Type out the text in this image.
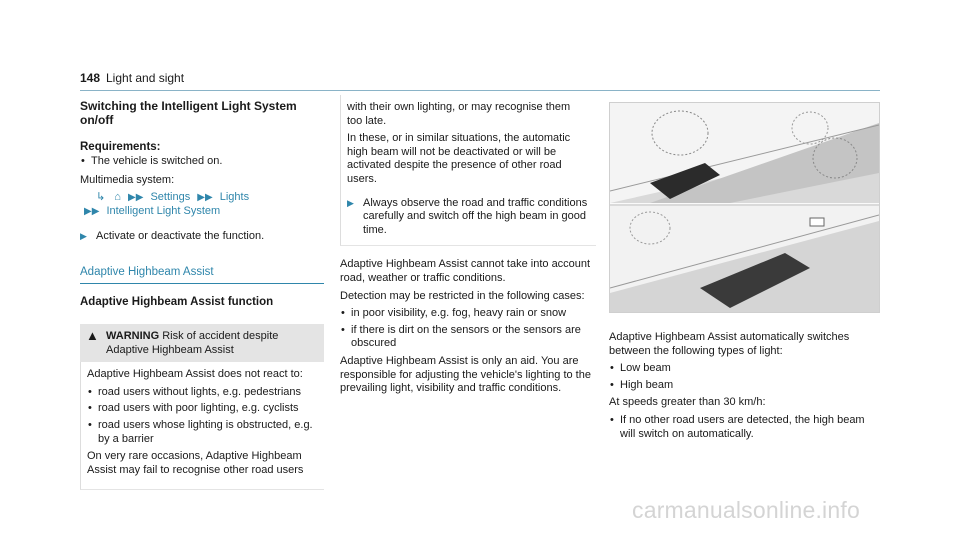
148 Light and sight
Switching the Intelligent Light System on/off
Requirements:
• The vehicle is switched on.

Multimedia system:

↳ ⌂ ▶▶ Settings ▶▶ Lights
▶▶ Intelligent Light System
▶ Activate or deactivate the function.
Adaptive Highbeam Assist
Adaptive Highbeam Assist function
▲ WARNING Risk of accident despite Adaptive Highbeam Assist

Adaptive Highbeam Assist does not react to:

• road users without lights, e.g. pedestrians
• road users with poor lighting, e.g. cyclists
• road users whose lighting is obstructed, e.g. by a barrier

On very rare occasions, Adaptive Highbeam Assist may fail to recognise other road users

with their own lighting, or may recognise them too late.

In these, or in similar situations, the automatic high beam will not be deactivated or will be activated despite the presence of other road users.

▶ Always observe the road and traffic conditions carefully and switch off the high beam in good time.

Adaptive Highbeam Assist cannot take into account road, weather or traffic conditions.

Detection may be restricted in the following cases:

• in poor visibility, e.g. fog, heavy rain or snow
• if there is dirt on the sensors or the sensors are obscured

Adaptive Highbeam Assist is only an aid. You are responsible for adjusting the vehicle's lighting to the prevailing light, visibility and traffic conditions.

Adaptive Highbeam Assist automatically switches between the following types of light:

• Low beam
• High beam

At speeds greater than 30 km/h:

• If no other road users are detected, the high beam will switch on automatically.
carmanualsonline.info
